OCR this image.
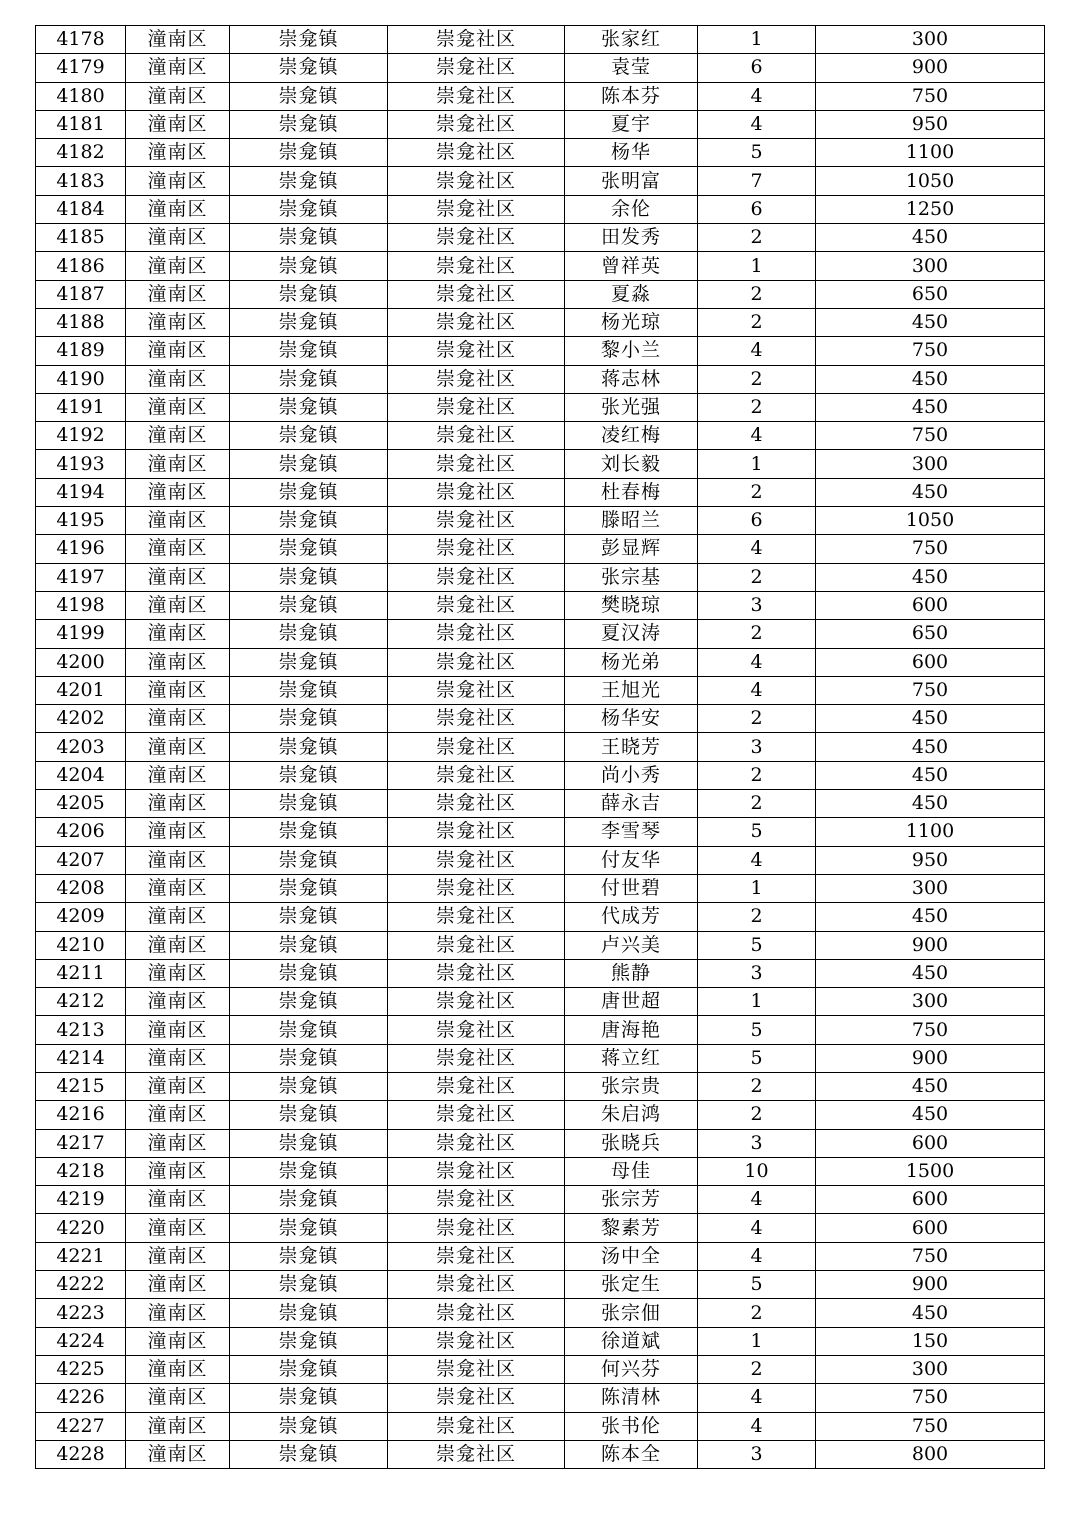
4178	潼南区	崇龛镇	崇龛社区	张家红	1	300
4179	潼南区	崇龛镇	崇龛社区	袁莹	6	900
4180	潼南区	崇龛镇	崇龛社区	陈本芬	4	750
4181	潼南区	崇龛镇	崇龛社区	夏宇	4	950
4182	潼南区	崇龛镇	崇龛社区	杨华	5	1100
4183	潼南区	崇龛镇	崇龛社区	张明富	7	1050
4184	潼南区	崇龛镇	崇龛社区	余伦	6	1250
4185	潼南区	崇龛镇	崇龛社区	田发秀	2	450
4186	潼南区	崇龛镇	崇龛社区	曾祥英	1	300
4187	潼南区	崇龛镇	崇龛社区	夏淼	2	650
4188	潼南区	崇龛镇	崇龛社区	杨光琼	2	450
4189	潼南区	崇龛镇	崇龛社区	黎小兰	4	750
4190	潼南区	崇龛镇	崇龛社区	蒋志林	2	450
4191	潼南区	崇龛镇	崇龛社区	张光强	2	450
4192	潼南区	崇龛镇	崇龛社区	凌红梅	4	750
4193	潼南区	崇龛镇	崇龛社区	刘长毅	1	300
4194	潼南区	崇龛镇	崇龛社区	杜春梅	2	450
4195	潼南区	崇龛镇	崇龛社区	滕昭兰	6	1050
4196	潼南区	崇龛镇	崇龛社区	彭显辉	4	750
4197	潼南区	崇龛镇	崇龛社区	张宗基	2	450
4198	潼南区	崇龛镇	崇龛社区	樊晓琼	3	600
4199	潼南区	崇龛镇	崇龛社区	夏汉涛	2	650
4200	潼南区	崇龛镇	崇龛社区	杨光弟	4	600
4201	潼南区	崇龛镇	崇龛社区	王旭光	4	750
4202	潼南区	崇龛镇	崇龛社区	杨华安	2	450
4203	潼南区	崇龛镇	崇龛社区	王晓芳	3	450
4204	潼南区	崇龛镇	崇龛社区	尚小秀	2	450
4205	潼南区	崇龛镇	崇龛社区	薛永吉	2	450
4206	潼南区	崇龛镇	崇龛社区	李雪琴	5	1100
4207	潼南区	崇龛镇	崇龛社区	付友华	4	950
4208	潼南区	崇龛镇	崇龛社区	付世碧	1	300
4209	潼南区	崇龛镇	崇龛社区	代成芳	2	450
4210	潼南区	崇龛镇	崇龛社区	卢兴美	5	900
4211	潼南区	崇龛镇	崇龛社区	熊静	3	450
4212	潼南区	崇龛镇	崇龛社区	唐世超	1	300
4213	潼南区	崇龛镇	崇龛社区	唐海艳	5	750
4214	潼南区	崇龛镇	崇龛社区	蒋立红	5	900
4215	潼南区	崇龛镇	崇龛社区	张宗贵	2	450
4216	潼南区	崇龛镇	崇龛社区	朱启鸿	2	450
4217	潼南区	崇龛镇	崇龛社区	张晓兵	3	600
4218	潼南区	崇龛镇	崇龛社区	母佳	10	1500
4219	潼南区	崇龛镇	崇龛社区	张宗芳	4	600
4220	潼南区	崇龛镇	崇龛社区	黎素芳	4	600
4221	潼南区	崇龛镇	崇龛社区	汤中全	4	750
4222	潼南区	崇龛镇	崇龛社区	张定生	5	900
4223	潼南区	崇龛镇	崇龛社区	张宗佃	2	450
4224	潼南区	崇龛镇	崇龛社区	徐道斌	1	150
4225	潼南区	崇龛镇	崇龛社区	何兴芬	2	300
4226	潼南区	崇龛镇	崇龛社区	陈清林	4	750
4227	潼南区	崇龛镇	崇龛社区	张书伦	4	750
4228	潼南区	崇龛镇	崇龛社区	陈本全	3	800
